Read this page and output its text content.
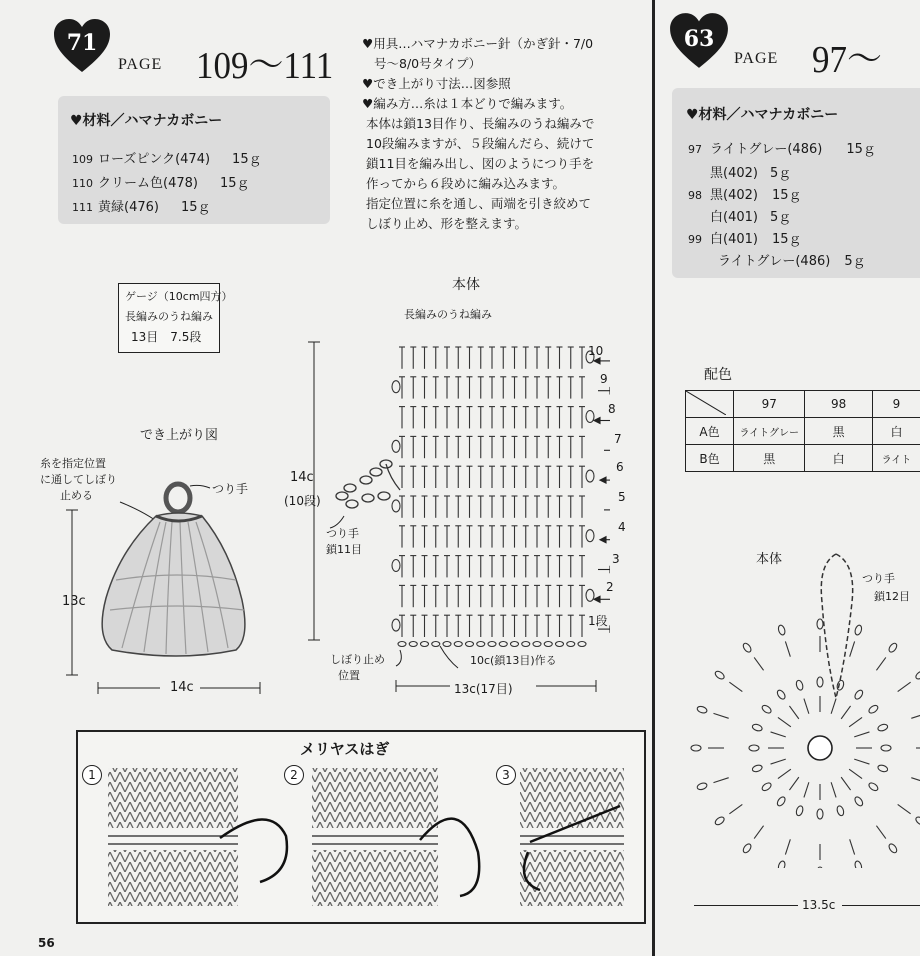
71
PAGE 109〜111
♥材料／ハマナカボニー
109 ローズピンク(474) 15ｇ
110 クリーム色(478) 15ｇ
111 黄緑(476) 15ｇ
♥用具…ハマナカボニー針（かぎ針・7/0
号〜8/0号タイプ）
♥でき上がり寸法…図参照
♥編み方…糸は１本どりで編みます。
本体は鎖13目作り、長編みのうね編みで
10段編みますが、５段編んだら、続けて
鎖11目を編み出し、図のようにつり手を
作ってから６段めに編み込みます。
指定位置に糸を通し、両端を引き絞めて
しぼり止め、形を整えます。
ゲージ（10cm四方）
長編みのうね編み
13目　7.5段
でき上がり図
糸を指定位置
に通してしぼり
止める	つり手
13c
14c
本体
長編みのうね編み
10
9
8
7
6
5
4
3
2
1段
14c
(10段)
つり手
鎖11目
しぼり止め
位置
10c(鎖13目)作る
13c(17目)
メリヤスはぎ
1	2	3
56
63
PAGE 97〜
♥材料／ハマナカボニー
97 ライトグレー(486) 15ｇ
黒(402) 5ｇ
98 黒(402) 15ｇ
白(401) 5ｇ
99 白(401) 15ｇ
ライトグレー(486) 5ｇ
配色
	97	98	9
A色	ライトグレー	黒	白
B色	黒	白	ライト
本体
つり手
鎖12目
13.5c
